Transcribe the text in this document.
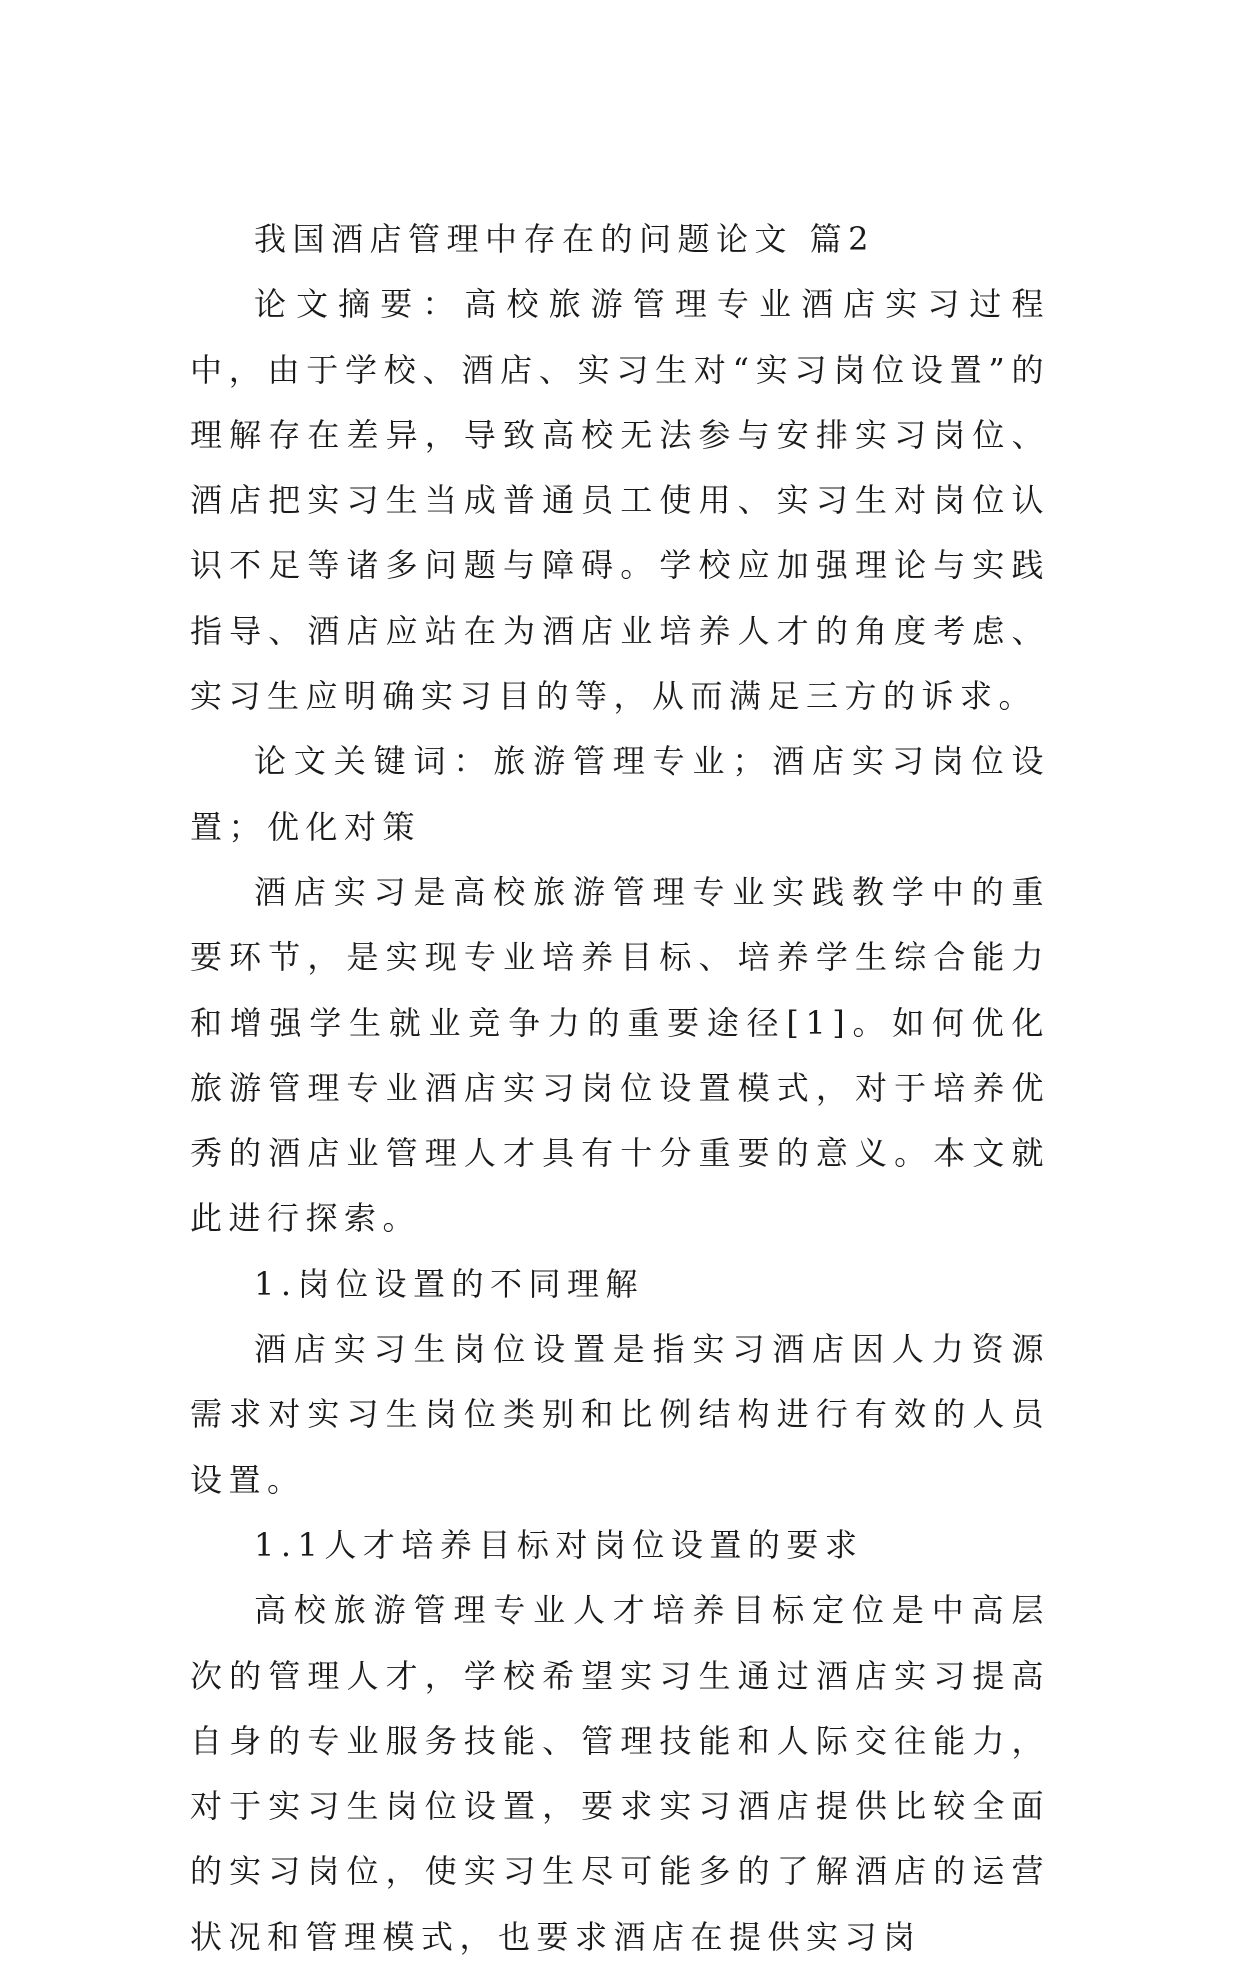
我国酒店管理中存在的问题论文 篇2

论文摘要：高校旅游管理专业酒店实习过程中，由于学校、酒店、实习生对“实习岗位设置”的理解存在差异，导致高校无法参与安排实习岗位、酒店把实习生当成普通员工使用、实习生对岗位认识不足等诸多问题与障碍。学校应加强理论与实践指导、酒店应站在为酒店业培养人才的角度考虑、实习生应明确实习目的等，从而满足三方的诉求。

论文关键词：旅游管理专业；酒店实习岗位设置；优化对策

酒店实习是高校旅游管理专业实践教学中的重要环节，是实现专业培养目标、培养学生综合能力和增强学生就业竞争力的重要途径[1]。如何优化旅游管理专业酒店实习岗位设置模式，对于培养优秀的酒店业管理人才具有十分重要的意义。本文就此进行探索。

1.岗位设置的不同理解

酒店实习生岗位设置是指实习酒店因人力资源需求对实习生岗位类别和比例结构进行有效的人员设置。

1.1人才培养目标对岗位设置的要求

高校旅游管理专业人才培养目标定位是中高层次的管理人才，学校希望实习生通过酒店实习提高自身的专业服务技能、管理技能和人际交往能力，对于实习生岗位设置，要求实习酒店提供比较全面的实习岗位，使实习生尽可能多的了解酒店的运营状况和管理模式，也要求酒店在提供实习岗
